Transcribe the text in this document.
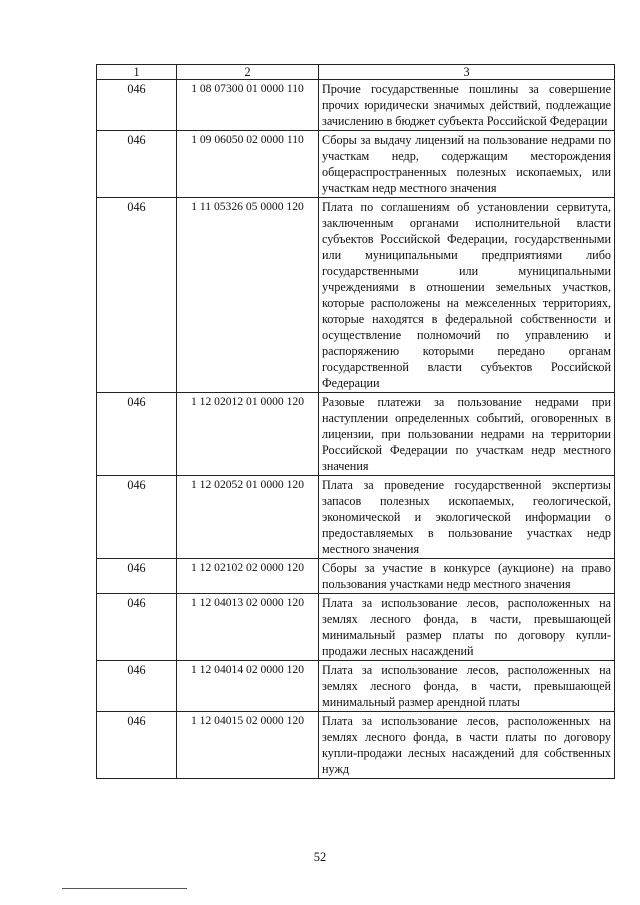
1	2	3
046	1 08 07300 01 0000 110	Прочие государственные пошлины за совершение прочих юридически значимых действий, подлежащие зачислению в бюджет субъекта Российской Федерации
046	1 09 06050 02 0000 110	Сборы за выдачу лицензий на пользование недрами по участкам недр, содержащим месторождения общераспространенных полезных ископаемых, или участкам недр местного значения
046	1 11 05326 05 0000 120	Плата по соглашениям об установлении сервитута, заключенным органами исполнительной власти субъектов Российской Федерации, государственными или муниципальными предприятиями либо государственными или муниципальными учреждениями в отношении земельных участков, которые расположены на межселенных территориях, которые находятся в федеральной собственности и осуществление полномочий по управлению и распоряжению которыми передано органам государственной власти субъектов Российской Федерации
046	1 12 02012 01 0000 120	Разовые платежи за пользование недрами при наступлении определенных событий, оговоренных в лицензии, при пользовании недрами на территории Российской Федерации по участкам недр местного значения
046	1 12 02052 01 0000 120	Плата за проведение государственной экспертизы запасов полезных ископаемых, геологической, экономической и экологической информации о предоставляемых в пользование участках недр местного значения
046	1 12 02102 02 0000 120	Сборы за участие в конкурсе (аукционе) на право пользования участками недр местного значения
046	1 12 04013 02 0000 120	Плата за использование лесов, расположенных на землях лесного фонда, в части, превышающей минимальный размер платы по договору купли-продажи лесных насаждений
046	1 12 04014 02 0000 120	Плата за использование лесов, расположенных на землях лесного фонда, в части, превышающей минимальный размер арендной платы
046	1 12 04015 02 0000 120	Плата за использование лесов, расположенных на землях лесного фонда, в части платы по договору купли-продажи лесных насаждений для собственных нужд
52
